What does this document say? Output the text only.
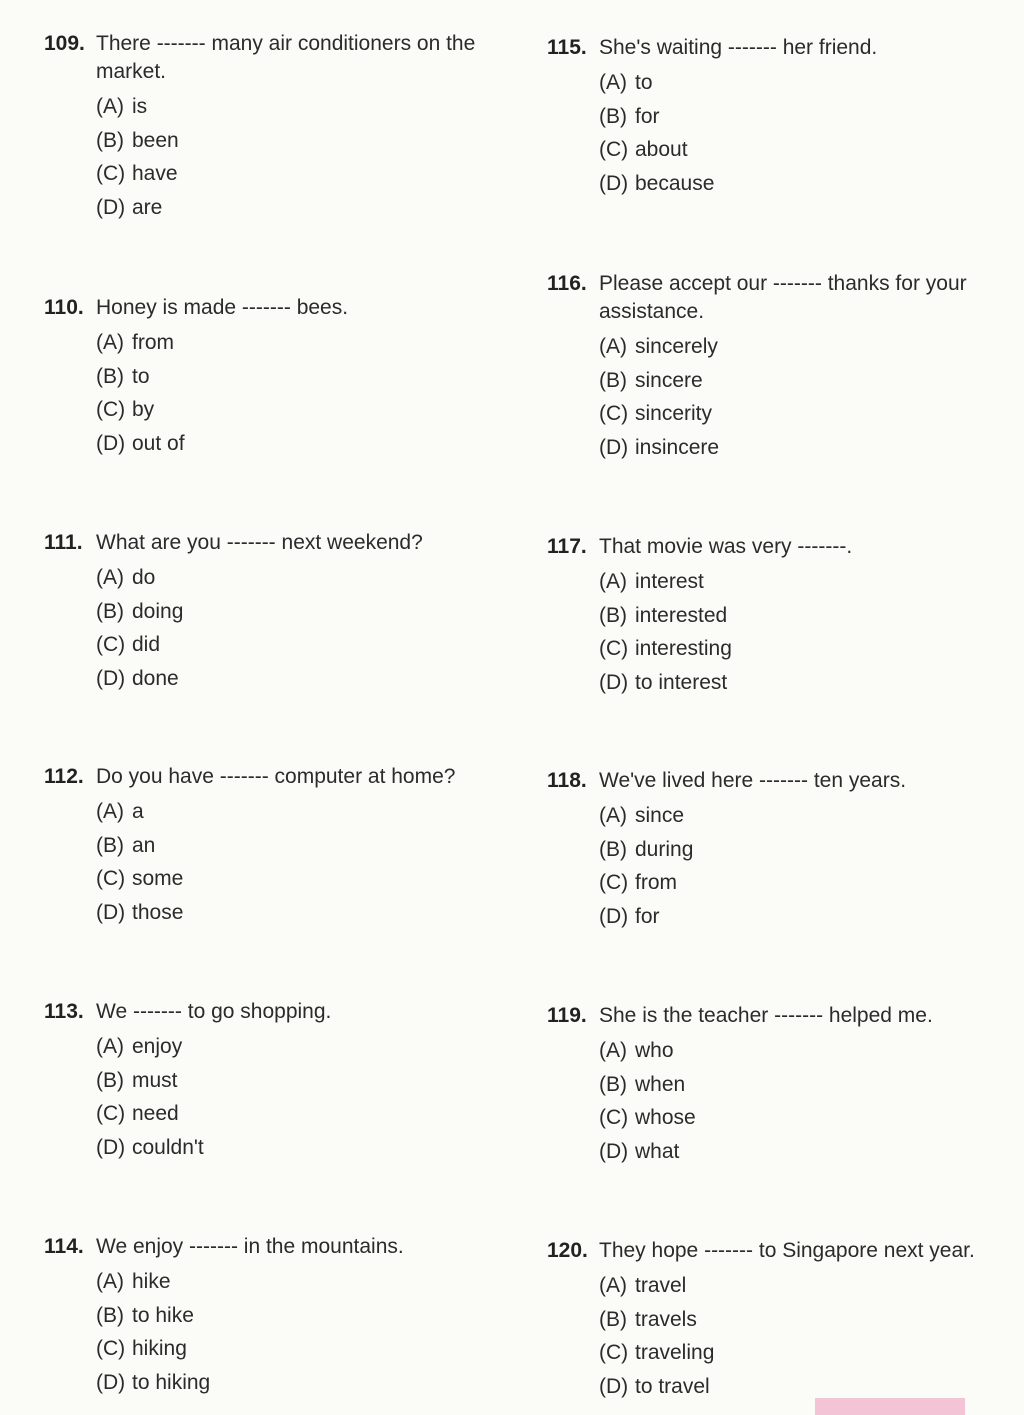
109. There ------- many air conditioners on the market.
(A) is
(B) been
(C) have
(D) are
110. Honey is made ------- bees.
(A) from
(B) to
(C) by
(D) out of
111. What are you ------- next weekend?
(A) do
(B) doing
(C) did
(D) done
112. Do you have ------- computer at home?
(A) a
(B) an
(C) some
(D) those
113. We ------- to go shopping.
(A) enjoy
(B) must
(C) need
(D) couldn't
114. We enjoy ------- in the mountains.
(A) hike
(B) to hike
(C) hiking
(D) to hiking
115. She's waiting ------- her friend.
(A) to
(B) for
(C) about
(D) because
116. Please accept our ------- thanks for your assistance.
(A) sincerely
(B) sincere
(C) sincerity
(D) insincere
117. That movie was very -------.
(A) interest
(B) interested
(C) interesting
(D) to interest
118. We've lived here ------- ten years.
(A) since
(B) during
(C) from
(D) for
119. She is the teacher ------- helped me.
(A) who
(B) when
(C) whose
(D) what
120. They hope ------- to Singapore next year.
(A) travel
(B) travels
(C) traveling
(D) to travel
